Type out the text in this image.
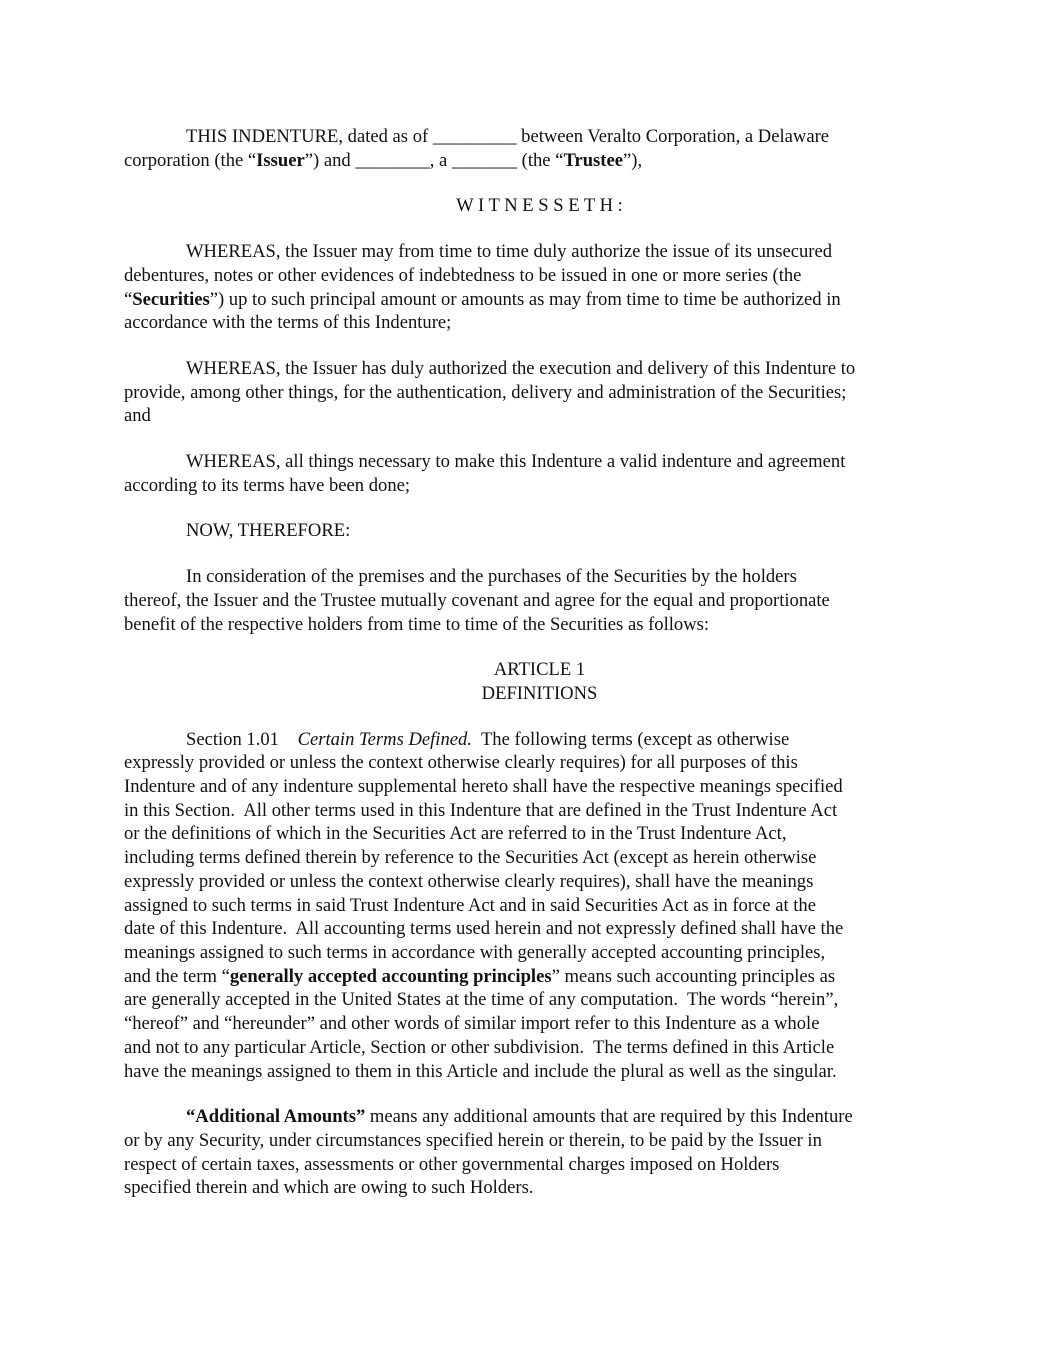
THIS INDENTURE, dated as of _________ between Veralto Corporation, a Delaware
corporation (the “Issuer”) and ________, a _______ (the “Trustee”),
W I T N E S S E T H :
WHEREAS, the Issuer may from time to time duly authorize the issue of its unsecured
debentures, notes or other evidences of indebtedness to be issued in one or more series (the
“Securities”) up to such principal amount or amounts as may from time to time be authorized in
accordance with the terms of this Indenture;
WHEREAS, the Issuer has duly authorized the execution and delivery of this Indenture to
provide, among other things, for the authentication, delivery and administration of the Securities;
and
WHEREAS, all things necessary to make this Indenture a valid indenture and agreement
according to its terms have been done;
NOW, THEREFORE:
In consideration of the premises and the purchases of the Securities by the holders
thereof, the Issuer and the Trustee mutually covenant and agree for the equal and proportionate
benefit of the respective holders from time to time of the Securities as follows:
ARTICLE 1
DEFINITIONS
Section 1.01    Certain Terms Defined.  The following terms (except as otherwise
expressly provided or unless the context otherwise clearly requires) for all purposes of this
Indenture and of any indenture supplemental hereto shall have the respective meanings specified
in this Section.  All other terms used in this Indenture that are defined in the Trust Indenture Act
or the definitions of which in the Securities Act are referred to in the Trust Indenture Act,
including terms defined therein by reference to the Securities Act (except as herein otherwise
expressly provided or unless the context otherwise clearly requires), shall have the meanings
assigned to such terms in said Trust Indenture Act and in said Securities Act as in force at the
date of this Indenture.  All accounting terms used herein and not expressly defined shall have the
meanings assigned to such terms in accordance with generally accepted accounting principles,
and the term “generally accepted accounting principles” means such accounting principles as
are generally accepted in the United States at the time of any computation.  The words “herein”,
“hereof” and “hereunder” and other words of similar import refer to this Indenture as a whole
and not to any particular Article, Section or other subdivision.  The terms defined in this Article
have the meanings assigned to them in this Article and include the plural as well as the singular.
“Additional Amounts” means any additional amounts that are required by this Indenture
or by any Security, under circumstances specified herein or therein, to be paid by the Issuer in
respect of certain taxes, assessments or other governmental charges imposed on Holders
specified therein and which are owing to such Holders.
